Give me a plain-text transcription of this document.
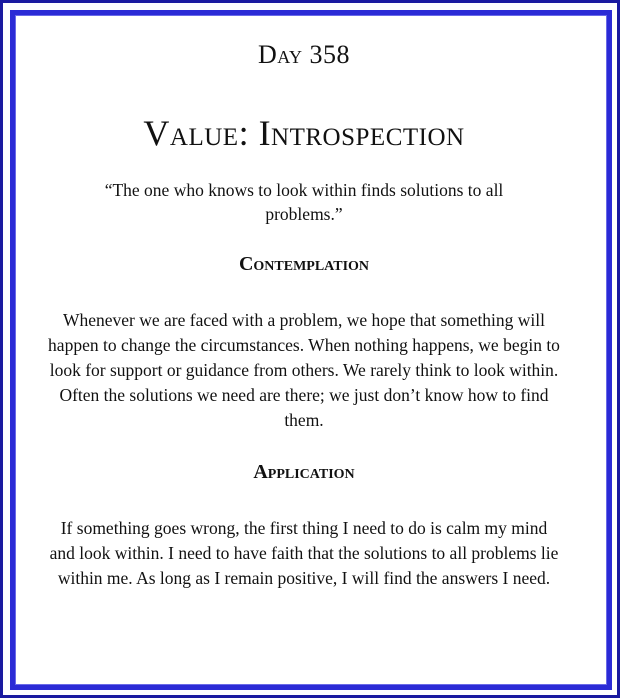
Day 358
Value: Introspection
“The one who knows to look within finds solutions to all problems.”
Contemplation
Whenever we are faced with a problem, we hope that something will happen to change the circumstances. When nothing happens, we begin to look for support or guidance from others. We rarely think to look within. Often the solutions we need are there; we just don’t know how to find them.
Application
If something goes wrong, the first thing I need to do is calm my mind and look within. I need to have faith that the solutions to all problems lie within me. As long as I remain positive, I will find the answers I need.
